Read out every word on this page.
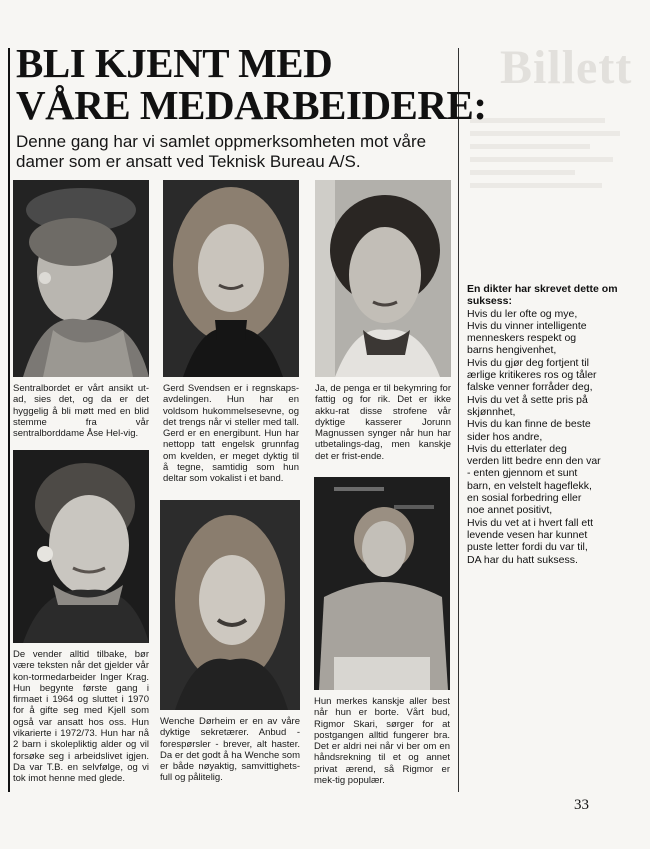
Billett
BLI KJENT MED
VÅRE MEDARBEIDERE:

Denne gang har vi samlet oppmerksomheten mot våre damer som er ansatt ved Teknisk Bureau A/S.

Sentralbordet er vårt ansikt ut-ad, sies det, og da er det hyggelig å bli møtt med en blid stemme fra vår sentralborddame Åse Hel-vig.

Gerd Svendsen er i regnskaps-avdelingen. Hun har en voldsom hukommelsesevne, og det trengs når vi steller med tall. Gerd er en energibunt. Hun har nettopp tatt engelsk grunnfag om kvelden, er meget dyktig til å tegne, samtidig som hun deltar som vokalist i et band.

Ja, de penga er til bekymring for fattig og for rik. Det er ikke akku-rat disse strofene vår dyktige kasserer Jorunn Magnussen synger når hun har utbetalings-dag, men kanskje det er frist-ende.

De vender alltid tilbake, bør være teksten når det gjelder vår kon-tormedarbeider Inger Krag. Hun begynte første gang i firmaet i 1964 og sluttet i 1970 for å gifte seg med Kjell som også var ansatt hos oss. Hun vikarierte i 1972/73. Hun har nå 2 barn i skolepliktig alder og vil forsøke seg i arbeidslivet igjen. Da var T.B. en selvfølge, og vi tok imot henne med glede.

Wenche Dørheim er en av våre dyktige sekretærer. Anbud - forespørsler - brever, alt haster. Da er det godt å ha Wenche som er både nøyaktig, samvittighets-full og pålitelig.

Hun merkes kanskje aller best når hun er borte. Vårt bud, Rigmor Skari, sørger for at postgangen alltid fungerer bra. Det er aldri nei når vi ber om en håndsrekning til et og annet privat ærend, så Rigmor er mek-tig populær.

En dikter har skrevet dette om suksess:

Hvis du ler ofte og mye,
Hvis du vinner intelligente
menneskers respekt og
barns hengivenhet,
Hvis du gjør deg fortjent til
ærlige kritikeres ros og tåler
falske venner forråder deg,
Hvis du vet å sette pris på
skjønnhet,
Hvis du kan finne de beste
sider hos andre,
Hvis du etterlater deg
verden litt bedre enn den var
- enten gjennom et sunt
barn, en velstelt hageflekk,
en sosial forbedring eller
noe annet positivt,
Hvis du vet at i hvert fall ett
levende vesen har kunnet
puste letter fordi du var til,
DA har du hatt suksess.
33
